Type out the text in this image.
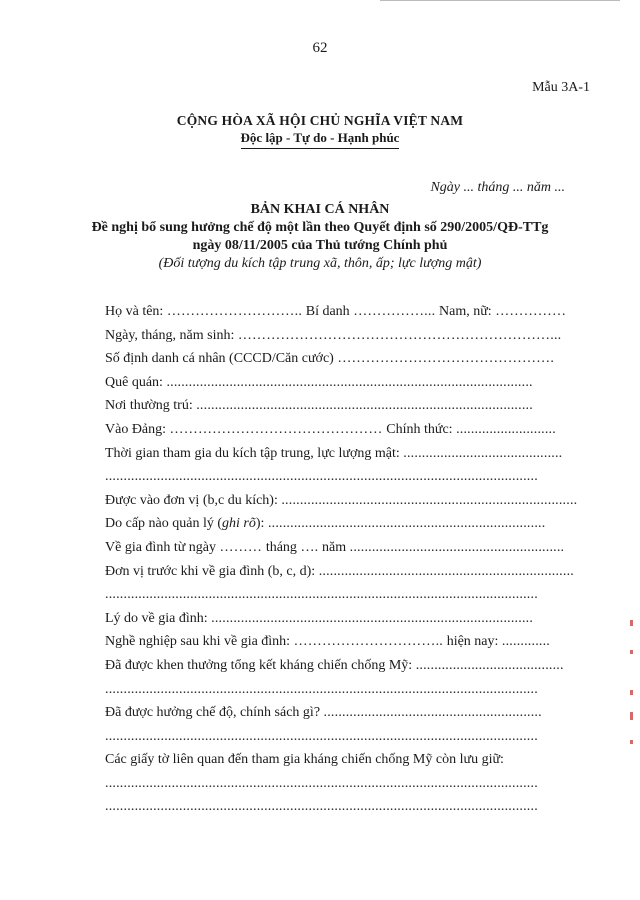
62

Mẫu 3A-1

CỘNG HÒA XÃ HỘI CHỦ NGHĨA VIỆT NAM

Độc lập - Tự do - Hạnh phúc

Ngày ... tháng ... năm ...

BẢN KHAI CÁ NHÂN

Đề nghị bổ sung hưởng chế độ một lần theo Quyết định số 290/2005/QĐ-TTg

ngày 08/11/2005 của Thủ tướng Chính phủ

(Đối tượng du kích tập trung xã, thôn, ấp; lực lượng mật)

Họ và tên: ……………………….. Bí danh ……………... Nam, nữ: ……………
Ngày, tháng, năm sinh: …………………………………………………………...
Số định danh cá nhân (CCCD/Căn cước) ……………………………………….
Quê quán: ...................................................................................................
Nơi thường trú: ...........................................................................................
Vào Đảng: ……………………………………… Chính thức: ...........................
Thời gian tham gia du kích tập trung, lực lượng mật: ...........................................
.....................................................................................................................
Được vào đơn vị (b,c du kích): ................................................................................
Do cấp nào quản lý (ghi rõ): ...........................................................................
Về gia đình từ ngày ……… tháng …. năm ..........................................................
Đơn vị trước khi về gia đình (b, c, d): .....................................................................
.....................................................................................................................
Lý do về gia đình: .......................................................................................
Nghề nghiệp sau khi về gia đình: ………………………….. hiện nay: .............
Đã được khen thưởng tổng kết kháng chiến chống Mỹ: ........................................
.....................................................................................................................
Đã được hưởng chế độ, chính sách gì? ...........................................................
.....................................................................................................................
Các giấy tờ liên quan đến tham gia kháng chiến chống Mỹ còn lưu giữ:
.....................................................................................................................
.....................................................................................................................
